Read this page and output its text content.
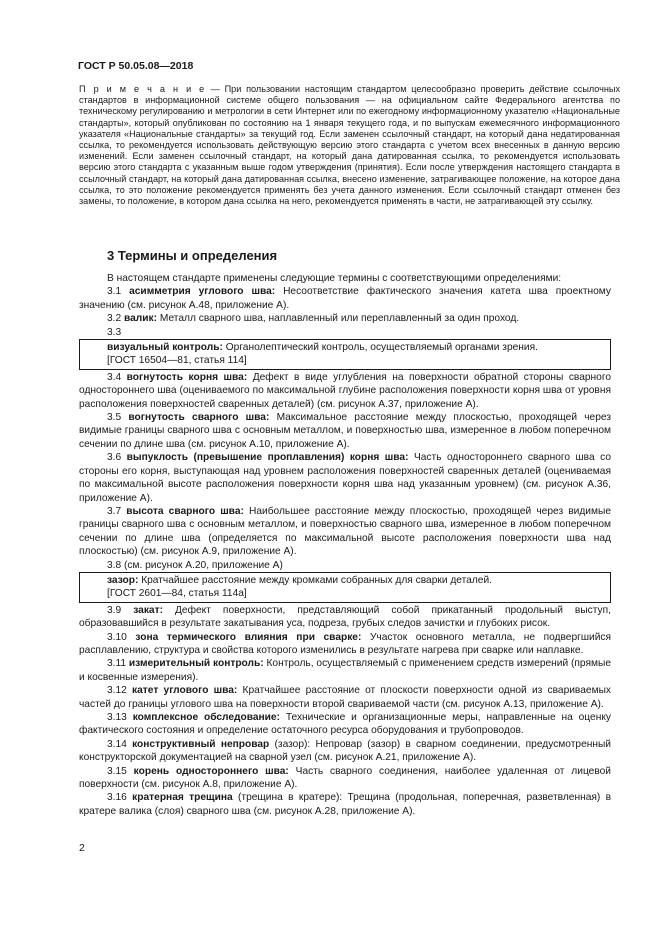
ГОСТ Р 50.05.08—2018
П р и м е ч а н и е — При пользовании настоящим стандартом целесообразно проверить действие ссылочных стандартов в информационной системе общего пользования — на официальном сайте Федерального агентства по техническому регулированию и метрологии в сети Интернет или по ежегодному информационному указателю «Национальные стандарты», который опубликован по состоянию на 1 января текущего года, и по выпускам ежемесячного информационного указателя «Национальные стандарты» за текущий год. Если заменен ссылочный стандарт, на который дана недатированная ссылка, то рекомендуется использовать действующую версию этого стандарта с учетом всех внесенных в данную версию изменений. Если заменен ссылочный стандарт, на который дана датированная ссылка, то рекомендуется использовать версию этого стандарта с указанным выше годом утверждения (принятия). Если после утверждения настоящего стандарта в ссылочный стандарт, на который дана датированная ссылка, внесено изменение, затрагивающее положение, на которое дана ссылка, то это положение рекомендуется применять без учета данного изменения. Если ссылочный стандарт отменен без замены, то положение, в котором дана ссылка на него, рекомендуется применять в части, не затрагивающей эту ссылку.
3 Термины и определения

В настоящем стандарте применены следующие термины с соответствующими определениями:

3.1 асимметрия углового шва: Несоответствие фактического значения катета шва проектному значению (см. рисунок А.48, приложение А).

3.2 валик: Металл сварного шва, наплавленный или переплавленный за один проход.

3.3

визуальный контроль: Органолептический контроль, осуществляемый органами зрения.

[ГОСТ 16504—81, статья 114]

3.4 вогнутость корня шва: Дефект в виде углубления на поверхности обратной стороны сварного одностороннего шва (оцениваемого по максимальной глубине расположения поверхности корня шва от уровня расположения поверхностей сваренных деталей) (см. рисунок А.37, приложение А).

3.5 вогнутость сварного шва: Максимальное расстояние между плоскостью, проходящей через видимые границы сварного шва с основным металлом, и поверхностью шва, измеренное в любом поперечном сечении по длине шва (см. рисунок А.10, приложение А).

3.6 выпуклость (превышение проплавления) корня шва: Часть одностороннего сварного шва со стороны его корня, выступающая над уровнем расположения поверхностей сваренных деталей (оцениваемая по максимальной высоте расположения поверхности корня шва над указанным уровнем) (см. рисунок А.36, приложение А).

3.7 высота сварного шва: Наибольшее расстояние между плоскостью, проходящей через видимые границы сварного шва с основным металлом, и поверхностью сварного шва, измеренное в любом поперечном сечении по длине шва (определяется по максимальной высоте расположения поверхности шва над плоскостью) (см. рисунок А.9, приложение А).

3.8 (см. рисунок А.20, приложение А)

зазор: Кратчайшее расстояние между кромками собранных для сварки деталей.

[ГОСТ 2601—84, статья 114а]

3.9 закат: Дефект поверхности, представляющий собой прикатанный продольный выступ, образовавшийся в результате закатывания уса, подреза, грубых следов зачистки и глубоких рисок.

3.10 зона термического влияния при сварке: Участок основного металла, не подвергшийся расплавлению, структура и свойства которого изменились в результате нагрева при сварке или наплавке.

3.11 измерительный контроль: Контроль, осуществляемый с применением средств измерений (прямые и косвенные измерения).

3.12 катет углового шва: Кратчайшее расстояние от плоскости поверхности одной из свариваемых частей до границы углового шва на поверхности второй свариваемой части (см. рисунок А.13, приложение А).

3.13 комплексное обследование: Технические и организационные меры, направленные на оценку фактического состояния и определение остаточного ресурса оборудования и трубопроводов.

3.14 конструктивный непровар (зазор): Непровар (зазор) в сварном соединении, предусмотренный конструкторской документацией на сварной узел (см. рисунок А.21, приложение А).

3.15 корень одностороннего шва: Часть сварного соединения, наиболее удаленная от лицевой поверхности (см. рисунок А.8, приложение А).

3.16 кратерная трещина (трещина в кратере): Трещина (продольная, поперечная, разветвленная) в кратере валика (слоя) сварного шва (см. рисунок А.28, приложение А).

2
